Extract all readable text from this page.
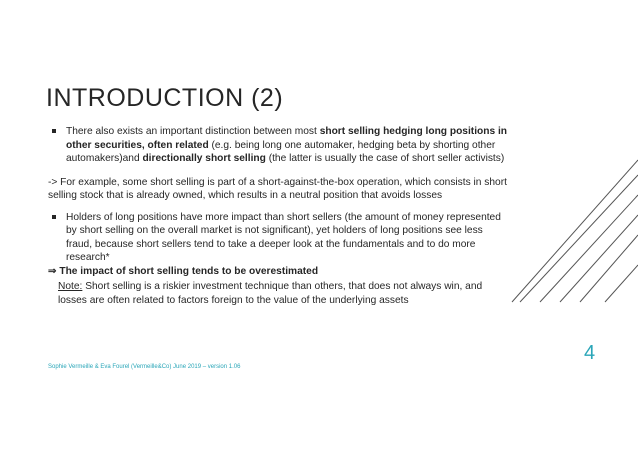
INTRODUCTION (2)
There also exists an important distinction between most short selling hedging long positions in other securities, often related (e.g. being long one automaker, hedging beta by shorting other automakers)and directionally short selling (the latter is usually the case of short seller activists)
-> For example, some short selling is part of a short-against-the-box operation, which consists in short selling stock that is already owned, which results in a neutral position that avoids losses
Holders of long positions have more impact than short sellers (the amount of money represented by short selling on the overall market is not significant), yet holders of long positions see less fraud, because short sellers tend to take a deeper look at the fundamentals and to do more research*
⇒ The impact of short selling tends to be overestimated
Note: Short selling is a riskier investment technique than others, that does not always win, and losses are often related to factors foreign to the value of the underlying assets
4
Sophie Vermeille & Eva Fourel (Vermeille&Co) June 2019 – version 1.06
